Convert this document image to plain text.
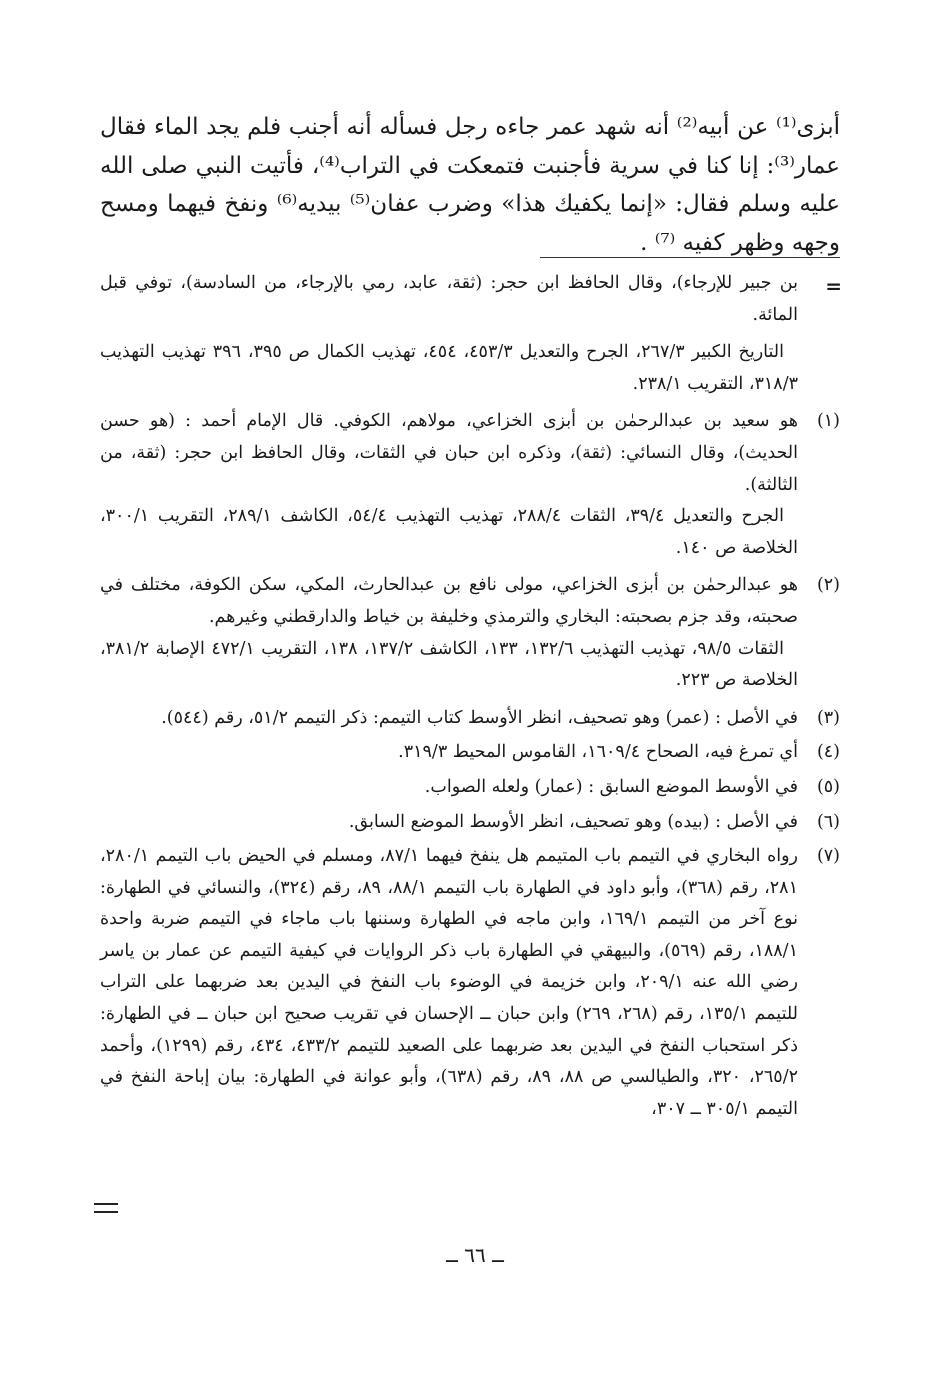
أبزى⁽¹⁾ عن أبيه⁽²⁾ أنه شهد عمر جاءه رجل فسأله أنه أجنب فلم يجد الماء فقال عمار⁽³⁾: إنا كنا في سرية فأجنبت فتمعكت في التراب⁽⁴⁾، فأتيت النبي صلى الله عليه وسلم فقال: «إنما يكفيك هذا» وضرب عفان⁽⁵⁾ بيديه⁽⁶⁾ ونفخ فيهما ومسح وجهه وظهر كفيه ⁽⁷⁾ .

=
بن جبير للإرجاء)، وقال الحافظ ابن حجر: (ثقة، عابد، رمي بالإرجاء، من السادسة)، توفي قبل المائة.

التاريخ الكبير ٢٦٧/٣، الجرح والتعديل ٤٥٣/٣، ٤٥٤، تهذيب الكمال ص ٣٩٥، ٣٩٦ تهذيب التهذيب ٣١٨/٣، التقريب ٢٣٨/١.

(١)
هو سعيد بن عبدالرحمٰن بن أبزى الخزاعي، مولاهم، الكوفي. قال الإمام أحمد : (هو حسن الحديث)، وقال النسائي: (ثقة)، وذكره ابن حبان في الثقات، وقال الحافظ ابن حجر: (ثقة، من الثالثة).

الجرح والتعديل ٣٩/٤، الثقات ٢٨٨/٤، تهذيب التهذيب ٥٤/٤، الكاشف ٢٨٩/١، التقريب ٣٠٠/١، الخلاصة ص ١٤٠.

(٢)
هو عبدالرحمٰن بن أبزى الخزاعي، مولى نافع بن عبدالحارث، المكي، سكن الكوفة، مختلف في صحبته، وقد جزم بصحبته: البخاري والترمذي وخليفة بن خياط والدارقطني وغيرهم.

الثقات ٩٨/٥، تهذيب التهذيب ١٣٢/٦، ١٣٣، الكاشف ١٣٧/٢، ١٣٨، التقريب ٤٧٢/١ الإصابة ٣٨١/٢، الخلاصة ص ٢٢٣.

(٣)
في الأصل : (عمر) وهو تصحيف، انظر الأوسط كتاب التيمم: ذكر التيمم ٥١/٢، رقم (٥٤٤).
(٤)
أي تمرغ فيه، الصحاح ١٦٠٩/٤، القاموس المحيط ٣١٩/٣.
(٥)
في الأوسط الموضع السابق : (عمار) ولعله الصواب.
(٦)
في الأصل : (بيده) وهو تصحيف، انظر الأوسط الموضع السابق.
(٧)
رواه البخاري في التيمم باب المتيمم هل ينفخ فيهما ٨٧/١، ومسلم في الحيض باب التيمم ٢٨٠/١، ٢٨١، رقم (٣٦٨)، وأبو داود في الطهارة باب التيمم ٨٨/١، ٨٩، رقم (٣٢٤)، والنسائي في الطهارة: نوع آخر من التيمم ١٦٩/١، وابن ماجه في الطهارة وسننها باب ماجاء في التيمم ضربة واحدة ١٨٨/١، رقم (٥٦٩)، والبيهقي في الطهارة باب ذكر الروايات في كيفية التيمم عن عمار بن ياسر رضي الله عنه ٢٠٩/١، وابن خزيمة في الوضوء باب النفخ في اليدين بعد ضربهما على التراب للتيمم ١٣٥/١، رقم (٢٦٨، ٢٦٩) وابن حبان ــ الإحسان في تقريب صحيح ابن حبان ــ في الطهارة: ذكر استحباب النفخ في اليدين بعد ضربهما على الصعيد للتيمم ٤٣٣/٢، ٤٣٤، رقم (١٢٩٩)، وأحمد ٢٦٥/٢، ٣٢٠، والطيالسي ص ٨٨، ٨٩، رقم (٦٣٨)، وأبو عوانة في الطهارة: بيان إباحة النفخ في التيمم ٣٠٥/١ ــ ٣٠٧،
ــ ٦٦ ــ
